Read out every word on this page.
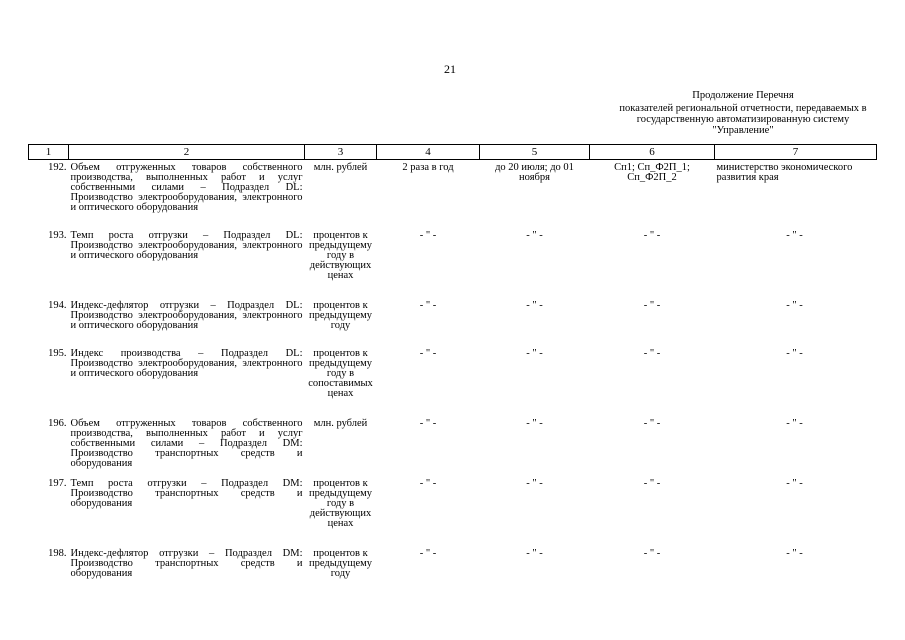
21
Продолжение Перечня
показателей региональной отчетности, передаваемых в государственную автоматизированную систему "Управление"
1	2	3	4	5	6	7
192.	Объем отгруженных товаров собственного производства, выполненных работ и услуг собственными силами – Подраздел DL: Производство электрооборудования, электронного и оптического оборудования	млн. рублей	2 раза в год	до 20 июля; до 01 ноября	Сп1; Сп_Ф2П_1; Сп_Ф2П_2	министерство экономического развития края
193.	Темп роста отгрузки – Подраздел DL: Производство электрооборудования, электронного и оптического оборудования	процентов к предыдущему году в действующих ценах	- " -	- " -	- " -	- " -
194.	Индекс-дефлятор отгрузки – Подраздел DL: Производство электрооборудования, электронного и оптического оборудования	процентов к предыдущему году	- " -	- " -	- " -	- " -
195.	Индекс производства – Подраздел DL: Производство электрооборудования, электронного и оптического оборудования	процентов к предыдущему году в сопоставимых ценах	- " -	- " -	- " -	- " -
196.	Объем отгруженных товаров собственного производства, выполненных работ и услуг собственными силами – Подраздел DM: Производство транспортных средств и оборудования	млн. рублей	- " -	- " -	- " -	- " -
197.	Темп роста отгрузки – Подраздел DM: Производство транспортных средств и оборудования	процентов к предыдущему году в действующих ценах	- " -	- " -	- " -	- " -
198.	Индекс-дефлятор отгрузки – Подраздел DM: Производство транспортных средств и оборудования	процентов к предыдущему году	- " -	- " -	- " -	- " -
